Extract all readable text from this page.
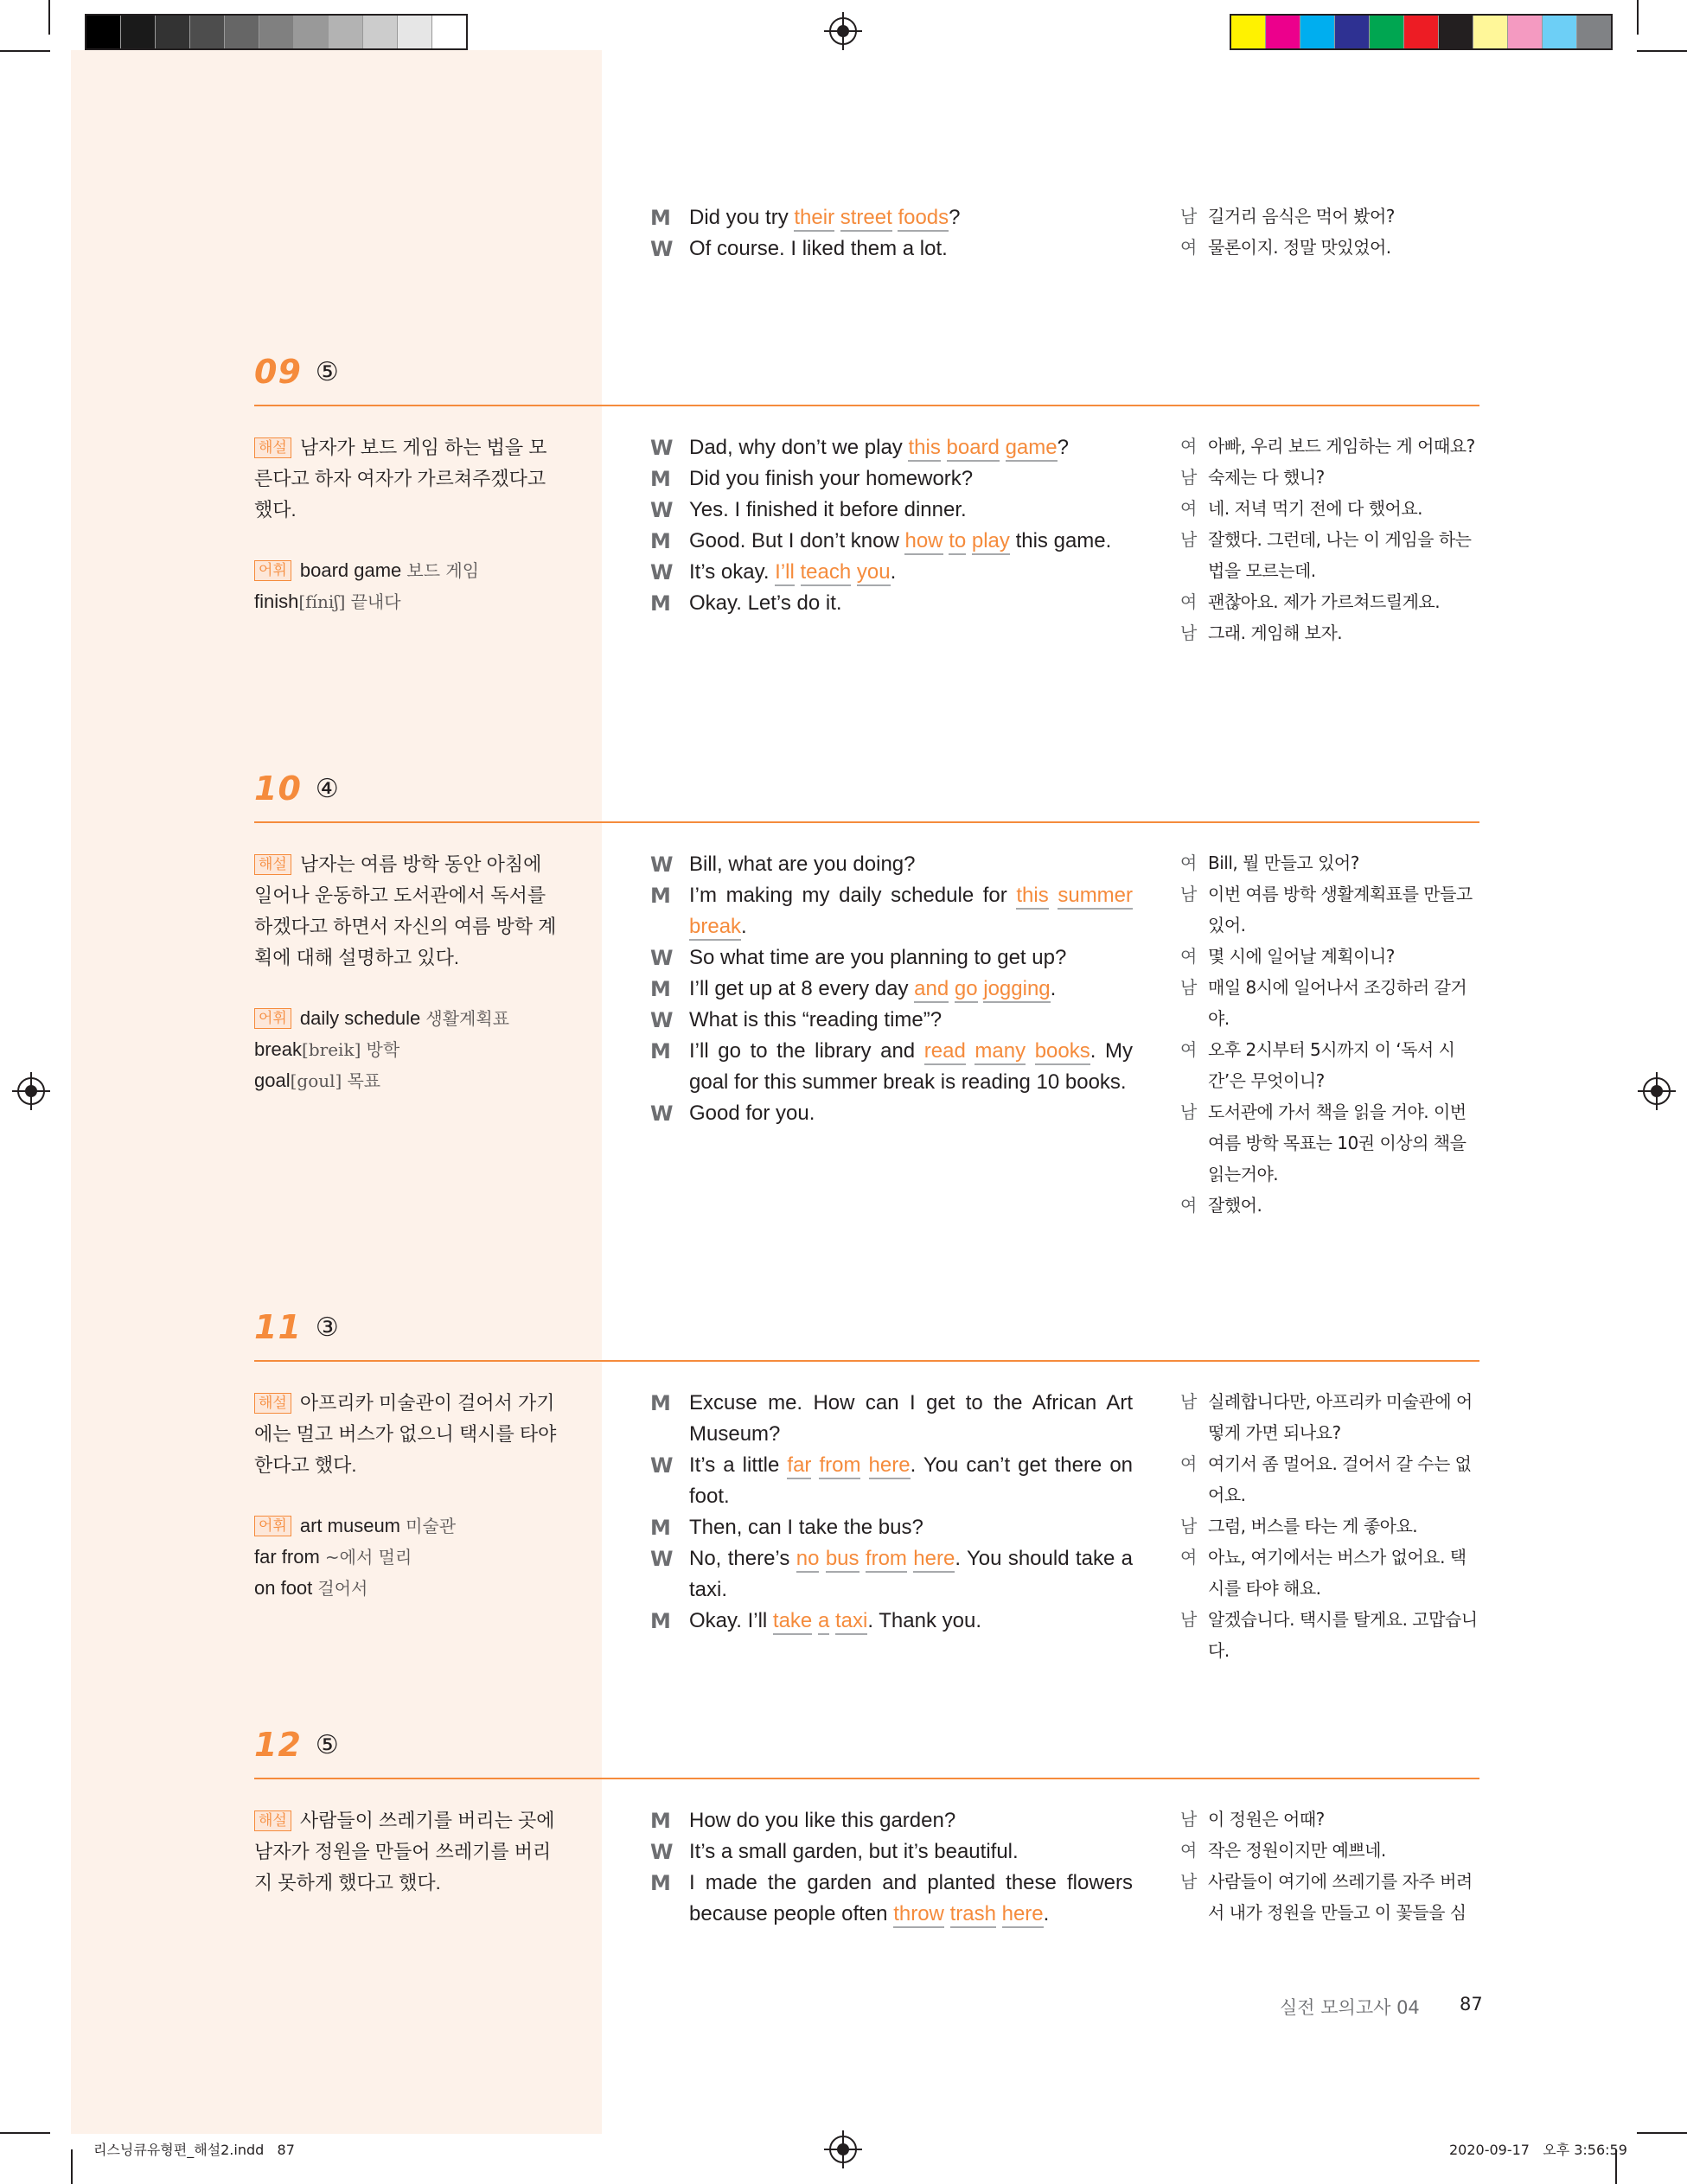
M Did you try their street foods?
W Of course. I liked them a lot.
남 길거리 음식은 먹어 봤어?
여 물론이지. 정말 맛있었어.
09 ⑤
해설 남자가 보드 게임 하는 법을 모른다고 하자 여자가 가르쳐주겠다고 했다.
어휘 board game 보드 게임
finish[fíniʃ] 끝내다
W Dad, why don’t we play this board game?
M Did you finish your homework?
W Yes. I finished it before dinner.
M Good. But I don’t know how to play this game.
W It’s okay. I’ll teach you.
M Okay. Let’s do it.
여 아빠, 우리 보드 게임하는 게 어때요?
남 숙제는 다 했니?
여 네. 저녁 먹기 전에 다 했어요.
남 잘했다. 그런데, 나는 이 게임을 하는 법을 모르는데.
여 괜찮아요. 제가 가르쳐드릴게요.
남 그래. 게임해 보자.
10 ④
해설 남자는 여름 방학 동안 아침에 일어나 운동하고 도서관에서 독서를 하겠다고 하면서 자신의 여름 방학 계획에 대해 설명하고 있다.
어휘 daily schedule 생활계획표
break[breik] 방학
goal[goul] 목표
W Bill, what are you doing?
M I’m making my daily schedule for this summer break.
W So what time are you planning to get up?
M I’ll get up at 8 every day and go jogging.
W What is this “reading time”?
M I’ll go to the library and read many books. My goal for this summer break is reading 10 books.
W Good for you.
여 Bill, 뭘 만들고 있어?
남 이번 여름 방학 생활계획표를 만들고 있어.
여 몇 시에 일어날 계획이니?
남 매일 8시에 일어나서 조깅하러 갈거야.
여 오후 2시부터 5시까지 이 ‘독서 시간’은 무엇이니?
남 도서관에 가서 책을 읽을 거야. 이번 여름 방학 목표는 10권 이상의 책을 읽는거야.
여 잘했어.
11 ③
해설 아프리카 미술관이 걸어서 가기에는 멀고 버스가 없으니 택시를 타야 한다고 했다.
어휘 art museum 미술관
far from ~에서 멀리
on foot 걸어서
M Excuse me. How can I get to the African Art Museum?
W It’s a little far from here. You can’t get there on foot.
M Then, can I take the bus?
W No, there’s no bus from here. You should take a taxi.
M Okay. I’ll take a taxi. Thank you.
남 실례합니다만, 아프리카 미술관에 어떻게 가면 되나요?
여 여기서 좀 멀어요. 걸어서 갈 수는 없어요.
남 그럼, 버스를 타는 게 좋아요.
여 아뇨, 여기에서는 버스가 없어요. 택시를 타야 해요.
남 알겠습니다. 택시를 탈게요. 고맙습니다.
12 ⑤
해설 사람들이 쓰레기를 버리는 곳에 남자가 정원을 만들어 쓰레기를 버리지 못하게 했다고 했다.
M How do you like this garden?
W It’s a small garden, but it’s beautiful.
M I made the garden and planted these flowers because people often throw trash here.
남 이 정원은 어때?
여 작은 정원이지만 예쁘네.
남 사람들이 여기에 쓰레기를 자주 버려서 내가 정원을 만들고 이 꽃들을 심
실전 모의고사 04 87
리스닝큐유형편_해설2.indd   87	2020-09-17   오후 3:56:59
